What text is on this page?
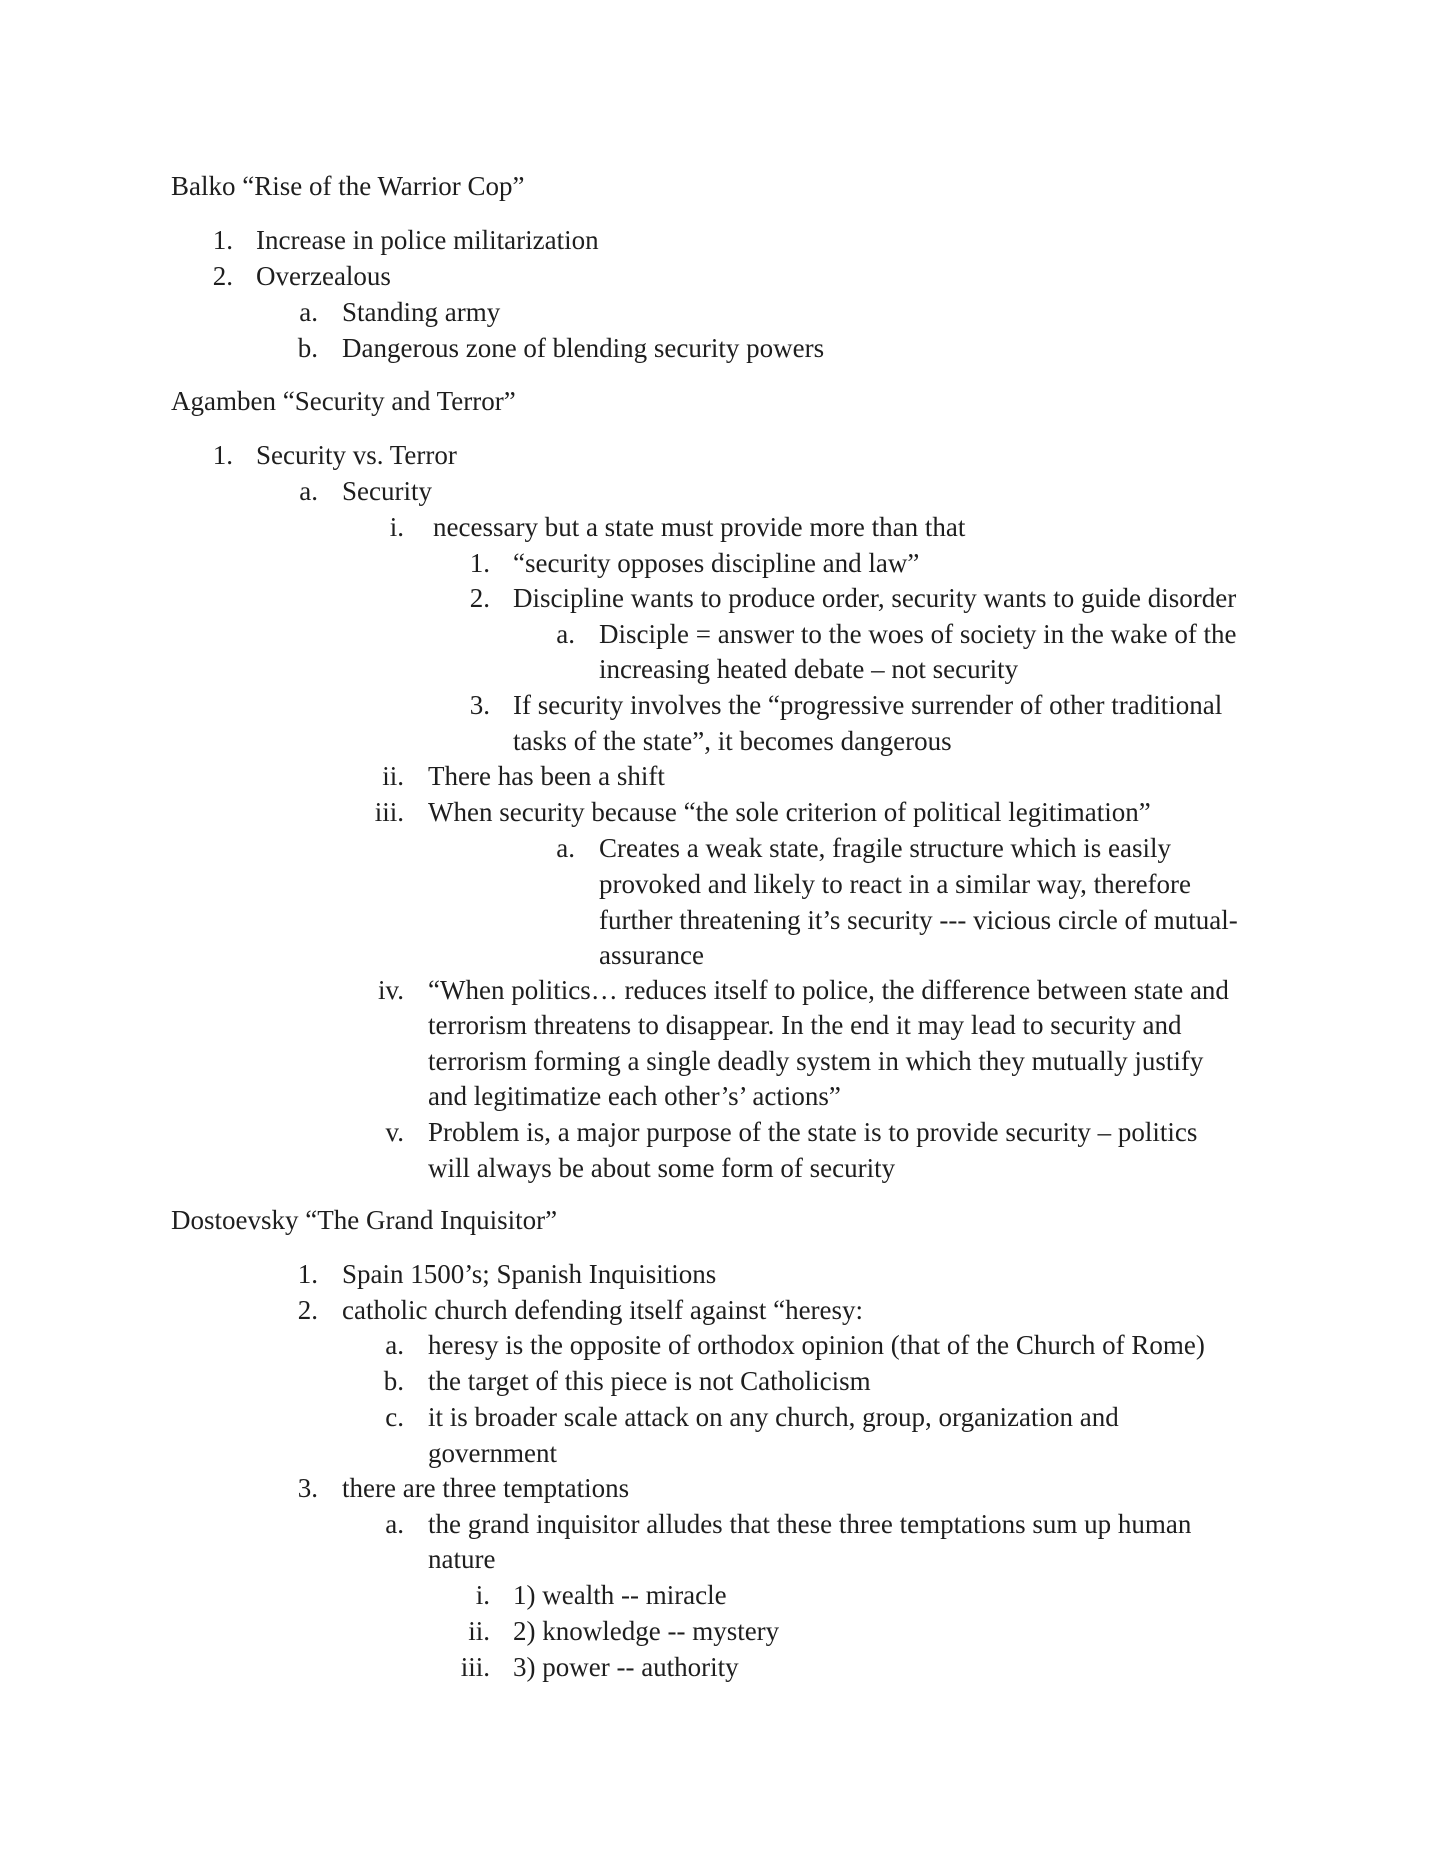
Balko “Rise of the Warrior Cop”
1. Increase in police militarization
2. Overzealous
a. Standing army
b. Dangerous zone of blending security powers
Agamben “Security and Terror”
1. Security vs. Terror
a. Security
i. necessary but a state must provide more than that
1. “security opposes discipline and law”
2. Discipline wants to produce order, security wants to guide disorder
a. Disciple = answer to the woes of society in the wake of the
increasing heated debate – not security
3. If security involves the “progressive surrender of other traditional
tasks of the state”, it becomes dangerous
ii. There has been a shift
iii. When security because “the sole criterion of political legitimation”
a. Creates a weak state, fragile structure which is easily
provoked and likely to react in a similar way, therefore
further threatening it’s security --- vicious circle of mutual-
assurance
iv. “When politics… reduces itself to police, the difference between state and
terrorism threatens to disappear. In the end it may lead to security and
terrorism forming a single deadly system in which they mutually justify
and legitimatize each other’s’ actions”
v. Problem is, a major purpose of the state is to provide security – politics
will always be about some form of security
Dostoevsky “The Grand Inquisitor”
1. Spain 1500’s; Spanish Inquisitions
2. catholic church defending itself against “heresy:
a. heresy is the opposite of orthodox opinion (that of the Church of Rome)
b. the target of this piece is not Catholicism
c. it is broader scale attack on any church, group, organization and
government
3. there are three temptations
a. the grand inquisitor alludes that these three temptations sum up human
nature
i. 1) wealth -- miracle
ii. 2) knowledge -- mystery
iii. 3) power -- authority
